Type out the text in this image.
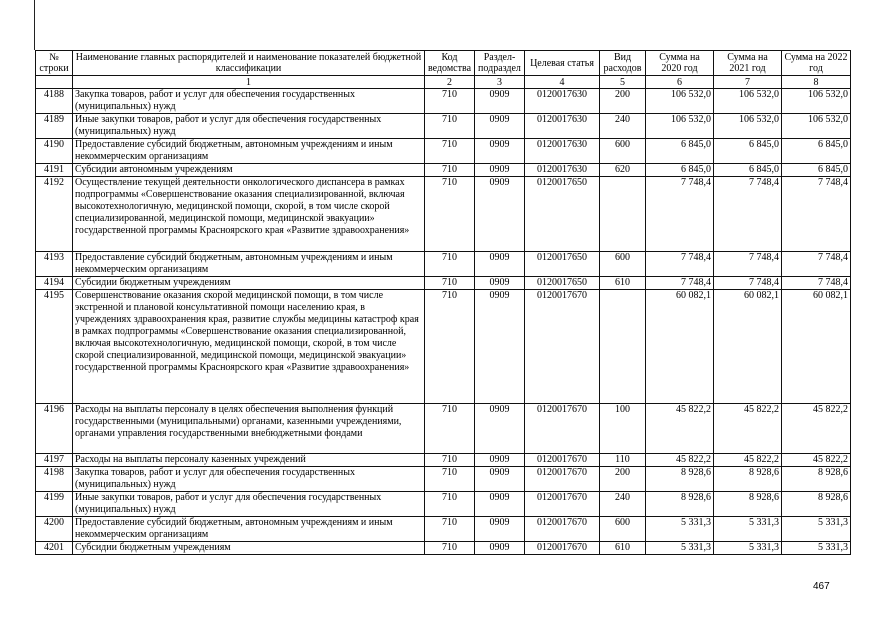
№ строки	Наименование главных распорядителей и наименование показателей бюджетной классификации	Код ведомства	Раздел-подраздел	Целевая статья	Вид расходов	Сумма на 2020 год	Сумма на 2021 год	Сумма на 2022 год
	1	2	3	4	5	6	7	8
4188	Закупка товаров, работ и услуг для обеспечения государственных (муниципальных) нужд	710	0909	0120017630	200	106 532,0	106 532,0	106 532,0
4189	Иные закупки товаров, работ и услуг для обеспечения государственных (муниципальных) нужд	710	0909	0120017630	240	106 532,0	106 532,0	106 532,0
4190	Предоставление субсидий бюджетным, автономным учреждениям и иным некоммерческим организациям	710	0909	0120017630	600	6 845,0	6 845,0	6 845,0
4191	Субсидии автономным учреждениям	710	0909	0120017630	620	6 845,0	6 845,0	6 845,0
4192	Осуществление текущей деятельности онкологического диспансера в рамках подпрограммы «Совершенствование оказания специализированной, включая высокотехнологичную, медицинской помощи, скорой, в том числе скорой специализированной, медицинской помощи, медицинской эвакуации» государственной программы Красноярского края «Развитие здравоохранения»	710	0909	0120017650		7 748,4	7 748,4	7 748,4
4193	Предоставление субсидий бюджетным, автономным учреждениям и иным некоммерческим организациям	710	0909	0120017650	600	7 748,4	7 748,4	7 748,4
4194	Субсидии бюджетным учреждениям	710	0909	0120017650	610	7 748,4	7 748,4	7 748,4
4195	Совершенствование оказания скорой медицинской помощи, в том числе экстренной и плановой консультативной помощи населению края, в учреждениях здравоохранения края, развитие службы медицины катастроф края в рамках подпрограммы «Совершенствование оказания специализированной, включая высокотехнологичную, медицинской помощи, скорой, в том числе скорой специализированной, медицинской помощи, медицинской эвакуации» государственной программы Красноярского края «Развитие здравоохранения»	710	0909	0120017670		60 082,1	60 082,1	60 082,1
4196	Расходы на выплаты персоналу в целях обеспечения выполнения функций государственными (муниципальными) органами, казенными учреждениями, органами управления государственными внебюджетными фондами	710	0909	0120017670	100	45 822,2	45 822,2	45 822,2
4197	Расходы на выплаты персоналу казенных учреждений	710	0909	0120017670	110	45 822,2	45 822,2	45 822,2
4198	Закупка товаров, работ и услуг для обеспечения государственных (муниципальных) нужд	710	0909	0120017670	200	8 928,6	8 928,6	8 928,6
4199	Иные закупки товаров, работ и услуг для обеспечения государственных (муниципальных) нужд	710	0909	0120017670	240	8 928,6	8 928,6	8 928,6
4200	Предоставление субсидий бюджетным, автономным учреждениям и иным некоммерческим организациям	710	0909	0120017670	600	5 331,3	5 331,3	5 331,3
4201	Субсидии бюджетным учреждениям	710	0909	0120017670	610	5 331,3	5 331,3	5 331,3
467
